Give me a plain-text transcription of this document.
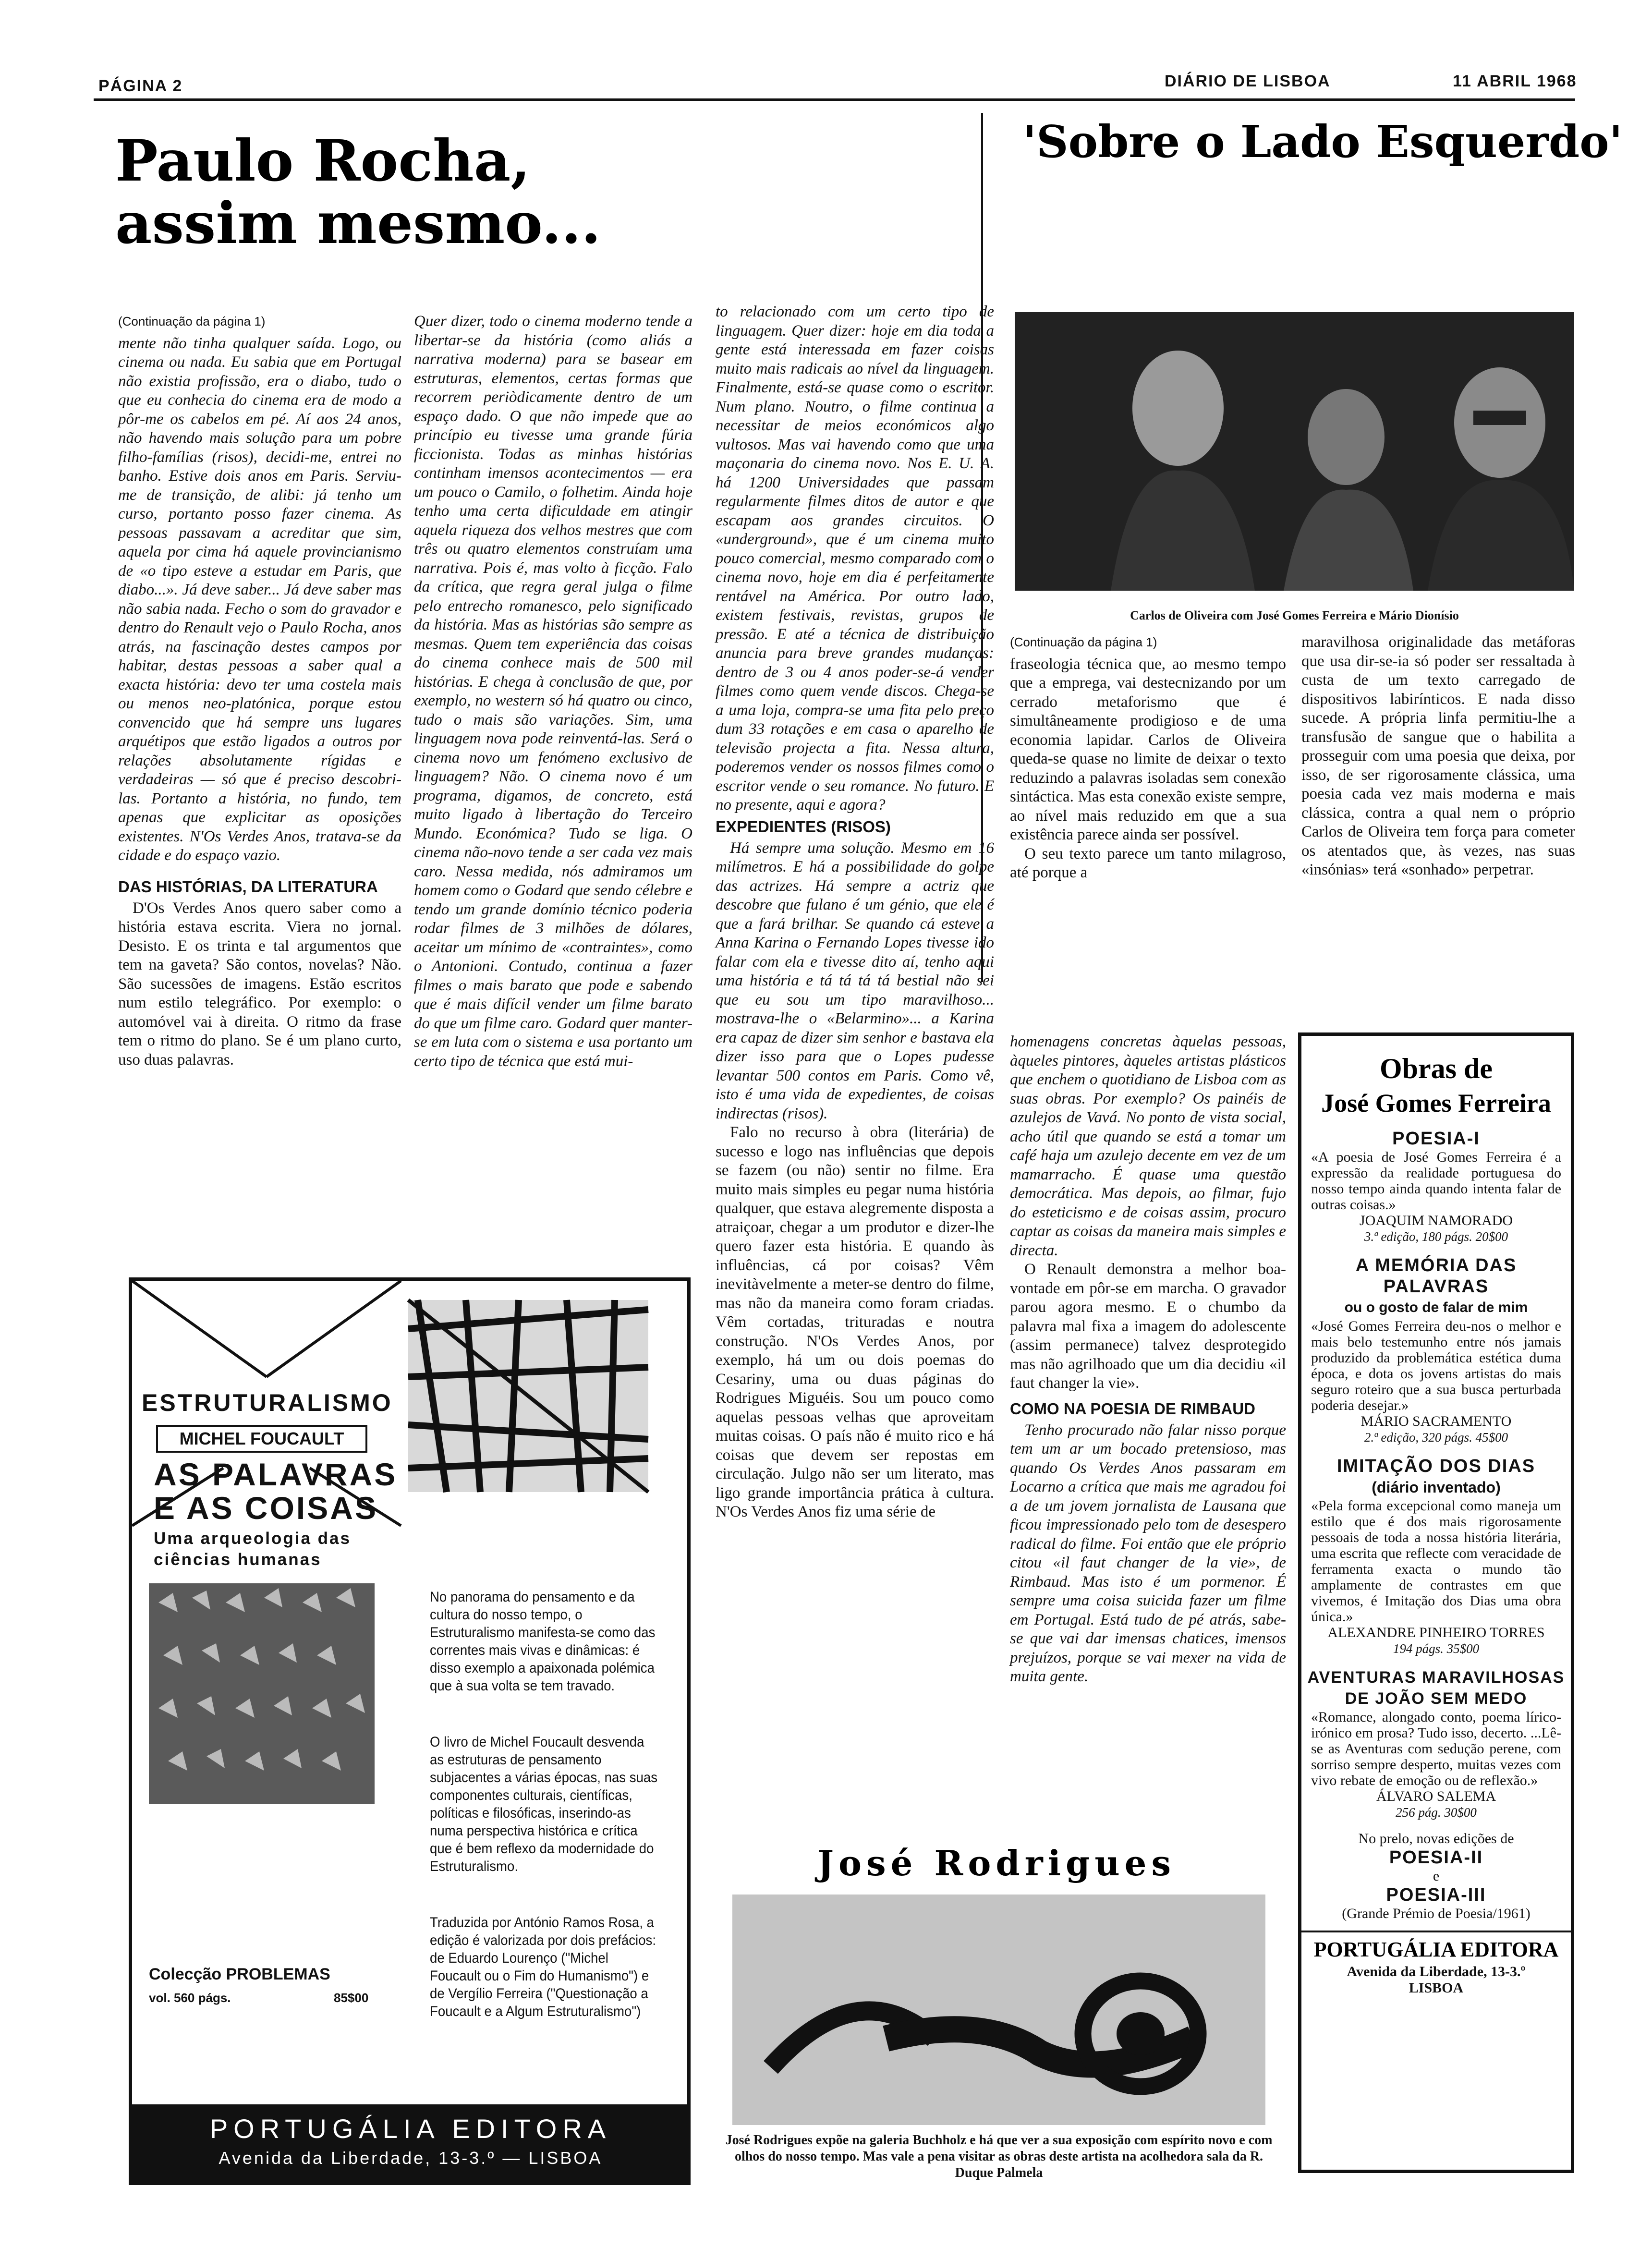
PÁGINA 2	DIÁRIO DE LISBOA	11 ABRIL 1968
Paulo Rocha,
assim mesmo...
(Continuação da página 1)

mente não tinha qualquer saída. Logo, ou cinema ou nada. Eu sabia que em Portugal não existia profissão, era o diabo, tudo o que eu conhecia do cinema era de modo a pôr-me os cabelos em pé. Aí aos 24 anos, não havendo mais solução para um pobre filho-famílias (risos), decidi-me, entrei no banho. Estive dois anos em Paris. Serviu-me de transição, de alibi: já tenho um curso, portanto posso fazer cinema. As pessoas passavam a acreditar que sim, aquela por cima há aquele provincianismo de «o tipo esteve a estudar em Paris, que diabo...». Já deve saber... Já deve saber mas não sabia nada. Fecho o som do gravador e dentro do Renault vejo o Paulo Rocha, anos atrás, na fascinação destes campos por habitar, destas pessoas a saber qual a exacta história: devo ter uma costela mais ou menos neo-platónica, porque estou convencido que há sempre uns lugares arquétipos que estão ligados a outros por relações absolutamente rígidas e verdadeiras — só que é preciso descobri-las. Portanto a história, no fundo, tem apenas que explicitar as oposições existentes. N'Os Verdes Anos, tratava-se da cidade e do espaço vazio.

DAS HISTÓRIAS, DA LITERATURA

D'Os Verdes Anos quero saber como a história estava escrita. Viera no jornal. Desisto. E os trinta e tal argumentos que tem na gaveta? São contos, novelas? Não. São sucessões de imagens. Estão escritos num estilo telegráfico. Por exemplo: o automóvel vai à direita. O ritmo da frase tem o ritmo do plano. Se é um plano curto, uso duas palavras.

Quer dizer, todo o cinema moderno tende a libertar-se da história (como aliás a narrativa moderna) para se basear em estruturas, elementos, certas formas que recorrem periòdicamente dentro de um espaço dado. O que não impede que ao princípio eu tivesse uma grande fúria ficcionista. Todas as minhas histórias continham imensos acontecimentos — era um pouco o Camilo, o folhetim. Ainda hoje tenho uma certa dificuldade em atingir aquela riqueza dos velhos mestres que com três ou quatro elementos construíam uma narrativa. Pois é, mas volto à ficção. Falo da crítica, que regra geral julga o filme pelo entrecho romanesco, pelo significado da história. Mas as histórias são sempre as mesmas. Quem tem experiência das coisas do cinema conhece mais de 500 mil histórias. E chega à conclusão de que, por exemplo, no western só há quatro ou cinco, tudo o mais são variações. Sim, uma linguagem nova pode reinventá-las. Será o cinema novo um fenómeno exclusivo de linguagem? Não. O cinema novo é um programa, digamos, de concreto, está muito ligado à libertação do Terceiro Mundo. Económica? Tudo se liga. O cinema não-novo tende a ser cada vez mais caro. Nessa medida, nós admiramos um homem como o Godard que sendo célebre e tendo um grande domínio técnico poderia rodar filmes de 3 milhões de dólares, aceitar um mínimo de «contraintes», como o Antonioni. Contudo, continua a fazer filmes o mais barato que pode e sabendo que é mais difícil vender um filme barato do que um filme caro. Godard quer manter-se em luta com o sistema e usa portanto um certo tipo de técnica que está mui-

to relacionado com um certo tipo de linguagem. Quer dizer: hoje em dia toda a gente está interessada em fazer coisas muito mais radicais ao nível da linguagem. Finalmente, está-se quase como o escritor. Num plano. Noutro, o filme continua a necessitar de meios económicos algo vultosos. Mas vai havendo como que uma maçonaria do cinema novo. Nos E. U. A. há 1200 Universidades que passam regularmente filmes ditos de autor e que escapam aos grandes circuitos. O «underground», que é um cinema muito pouco comercial, mesmo comparado com o cinema novo, hoje em dia é perfeitamente rentável na América. Por outro lado, existem festivais, revistas, grupos de pressão. E até a técnica de distribuição anuncia para breve grandes mudanças: dentro de 3 ou 4 anos poder-se-á vender filmes como quem vende discos. Chega-se a uma loja, compra-se uma fita pelo preço dum 33 rotações e em casa o aparelho de televisão projecta a fita. Nessa altura, poderemos vender os nossos filmes como o escritor vende o seu romance. No futuro. E no presente, aqui e agora?

EXPEDIENTES (RISOS)

Há sempre uma solução. Mesmo em 16 milímetros. E há a possibilidade do golpe das actrizes. Há sempre a actriz que descobre que fulano é um génio, que ele é que a fará brilhar. Se quando cá esteve a Anna Karina o Fernando Lopes tivesse ido falar com ela e tivesse dito aí, tenho aqui uma história e tá tá tá tá bestial não sei que eu sou um tipo maravilhoso... mostrava-lhe o «Belarmino»... a Karina era capaz de dizer sim senhor e bastava ela dizer isso para que o Lopes pudesse levantar 500 contos em Paris. Como vê, isto é uma vida de expedientes, de coisas indirectas (risos).

Falo no recurso à obra (literária) de sucesso e logo nas influências que depois se fazem (ou não) sentir no filme. Era muito mais simples eu pegar numa história qualquer, que estava alegremente disposta a atraiçoar, chegar a um produtor e dizer-lhe quero fazer esta história. E quando às influências, cá por coisas? Vêm inevitàvelmente a meter-se dentro do filme, mas não da maneira como foram criadas. Vêm cortadas, trituradas e noutra construção. N'Os Verdes Anos, por exemplo, há um ou dois poemas do Cesariny, uma ou duas páginas do Rodrigues Miguéis. Sou um pouco como aquelas pessoas velhas que aproveitam muitas coisas. O país não é muito rico e há coisas que devem ser repostas em circulação. Julgo não ser um literato, mas ligo grande importância prática à cultura. N'Os Verdes Anos fiz uma série de

homenagens concretas àquelas pessoas, àqueles pintores, àqueles artistas plásticos que enchem o quotidiano de Lisboa com as suas obras. Por exemplo? Os painéis de azulejos de Vavá. No ponto de vista social, acho útil que quando se está a tomar um café haja um azulejo decente em vez de um mamarracho. É quase uma questão democrática. Mas depois, ao filmar, fujo do esteticismo e de coisas assim, procuro captar as coisas da maneira mais simples e directa.

O Renault demonstra a melhor boa-vontade em pôr-se em marcha. O gravador parou agora mesmo. E o chumbo da palavra mal fixa a imagem do adolescente (assim permanece) talvez desprotegido mas não agrilhoado que um dia decidiu «il faut changer la vie».

COMO NA POESIA DE RIMBAUD

Tenho procurado não falar nisso porque tem um ar um bocado pretensioso, mas quando Os Verdes Anos passaram em Locarno a crítica que mais me agradou foi a de um jovem jornalista de Lausana que ficou impressionado pelo tom de desespero radical do filme. Foi então que ele próprio citou «il faut changer de la vie», de Rimbaud. Mas isto é um pormenor. É sempre uma coisa suicida fazer um filme em Portugal. Está tudo de pé atrás, sabe-se que vai dar imensas chatices, imensos prejuízos, porque se vai mexer na vida de muita gente.

'Sobre o Lado Esquerdo'
Carlos de Oliveira com José Gomes Ferreira e Mário Dionísio
(Continuação da página 1)

fraseologia técnica que, ao mesmo tempo que a emprega, vai destecnizando por um cerrado metaforismo que é simultâneamente prodigioso e de uma economia lapidar. Carlos de Oliveira queda-se quase no limite de deixar o texto reduzindo a palavras isoladas sem conexão sintáctica. Mas esta conexão existe sempre, ao nível mais reduzido em que a sua existência parece ainda ser possível.

O seu texto parece um tanto milagroso, até porque a

maravilhosa originalidade das metáforas que usa dir-se-ia só poder ser ressaltada à custa de um texto carregado de dispositivos labirínticos. E nada disso sucede. A própria linfa permitiu-lhe a transfusão de sangue que o habilita a prosseguir com uma poesia que deixa, por isso, de ser rigorosamente clássica, uma poesia cada vez mais moderna e mais clássica, contra a qual nem o próprio Carlos de Oliveira tem força para cometer os atentados que, às vezes, nas suas «insónias» terá «sonhado» perpetrar.

ESTRUTURALISMO
MICHEL FOUCAULT
AS PALAVRAS
E AS COISAS
Uma arqueologia das ciências humanas
Colecção PROBLEMAS
vol. 560 págs.	85$00

No panorama do pensamento e da cultura do nosso tempo, o Estruturalismo manifesta-se como das correntes mais vivas e dinâmicas: é disso exemplo a apaixonada polémica que à sua volta se tem travado.

O livro de Michel Foucault desvenda as estruturas de pensamento subjacentes a várias épocas, nas suas componentes culturais, científicas, políticas e filosóficas, inserindo-as numa perspectiva histórica e crítica que é bem reflexo da modernidade do Estruturalismo.

Traduzida por António Ramos Rosa, a edição é valorizada por dois prefácios: de Eduardo Lourenço ("Michel Foucault ou o Fim do Humanismo") e de Vergílio Ferreira ("Questionação a Foucault e a Algum Estruturalismo")

PORTUGÁLIA EDITORA
Avenida da Liberdade, 13-3.º — LISBOA
José Rodrigues
José Rodrigues expõe na galeria Buchholz e há que ver a sua exposição com espírito novo e com olhos do nosso tempo. Mas vale a pena visitar as obras deste artista na acolhedora sala da R. Duque Palmela
Obras de
José Gomes Ferreira
POESIA-I
«A poesia de José Gomes Ferreira é a expressão da realidade portuguesa do nosso tempo ainda quando intenta falar de outras coisas.»
JOAQUIM NAMORADO
3.ª edição, 180 págs. 20$00
A MEMÓRIA DAS PALAVRAS
ou o gosto de falar de mim
«José Gomes Ferreira deu-nos o melhor e mais belo testemunho entre nós jamais produzido da problemática estética duma época, e dota os jovens artistas do mais seguro roteiro que a sua busca perturbada poderia desejar.»
MÁRIO SACRAMENTO
2.ª edição, 320 págs. 45$00
IMITAÇÃO DOS DIAS
(diário inventado)
«Pela forma excepcional como maneja um estilo que é dos mais rigorosamente pessoais de toda a nossa história literária, uma escrita que reflecte com veracidade de ferramenta exacta o mundo tão amplamente de contrastes em que vivemos, é Imitação dos Dias uma obra única.»
ALEXANDRE PINHEIRO TORRES
194 págs. 35$00
AVENTURAS MARAVILHOSAS DE JOÃO SEM MEDO
«Romance, alongado conto, poema lírico-irónico em prosa? Tudo isso, decerto. ...Lê-se as Aventuras com sedução perene, com sorriso sempre desperto, muitas vezes com vivo rebate de emoção ou de reflexão.»
ÁLVARO SALEMA
256 pág. 30$00
No prelo, novas edições de
POESIA-II
e
POESIA-III
(Grande Prémio de Poesia/1961)
PORTUGÁLIA EDITORA
Avenida da Liberdade, 13-3.º LISBOA
